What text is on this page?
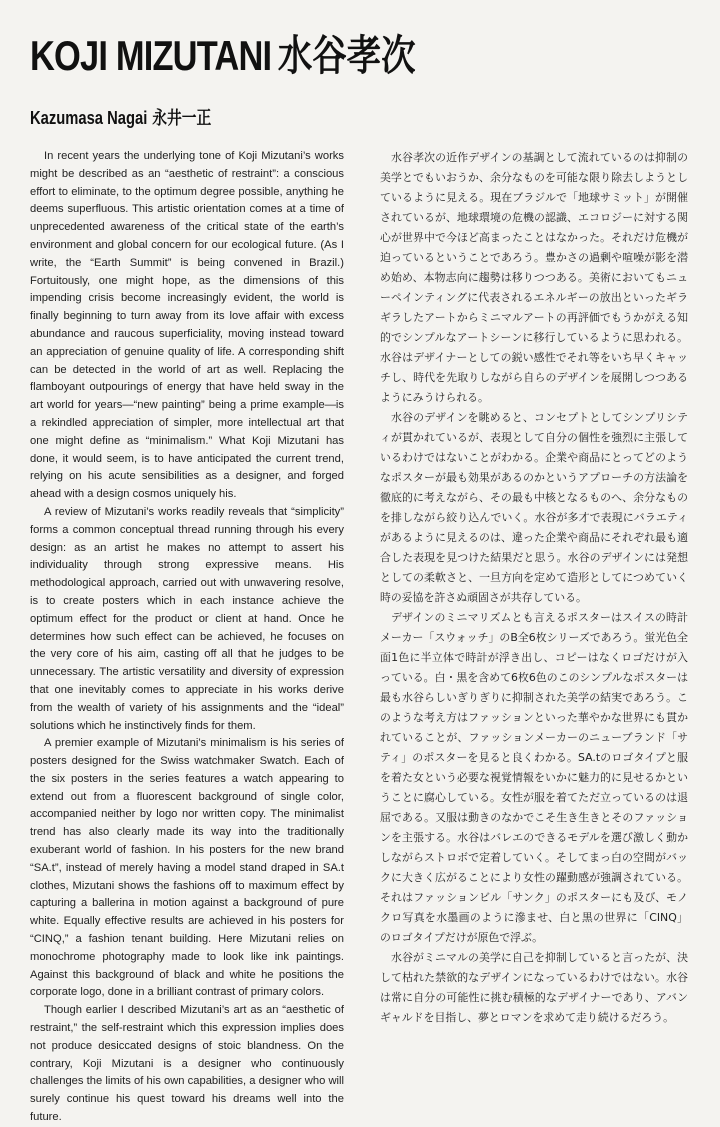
KOJI MIZUTANI 水谷孝次
Kazumasa Nagai 永井一正

In recent years the underlying tone of Koji Mizutani’s works might be described as an “aesthetic of restraint”: a conscious effort to eliminate, to the optimum degree possible, anything he deems superfluous. This artistic orientation comes at a time of unprecedented awareness of the critical state of the earth’s environment and global concern for our ecological future. (As I write, the “Earth Summit” is being convened in Brazil.) Fortuitously, one might hope, as the dimensions of this impending crisis become increasingly evident, the world is finally beginning to turn away from its love affair with excess abundance and raucous superficiality, moving instead toward an appreciation of genuine quality of life. A corresponding shift can be detected in the world of art as well. Replacing the flamboyant outpourings of energy that have held sway in the art world for years—“new painting” being a prime example—is a rekindled appreciation of simpler, more intellectual art that one might define as “minimalism.” What Koji Mizutani has done, it would seem, is to have anticipated the current trend, relying on his acute sensibilities as a designer, and forged ahead with a design cosmos uniquely his.

A review of Mizutani’s works readily reveals that “simplicity” forms a common conceptual thread running through his every design: as an artist he makes no attempt to assert his individuality through strong expressive means. His methodological approach, carried out with unwavering resolve, is to create posters which in each instance achieve the optimum effect for the product or client at hand. Once he determines how such effect can be achieved, he focuses on the very core of his aim, casting off all that he judges to be unnecessary. The artistic versatility and diversity of expression that one inevitably comes to appreciate in his works derive from the wealth of variety of his assignments and the “ideal” solutions which he instinctively finds for them.

A premier example of Mizutani’s minimalism is his series of posters designed for the Swiss watchmaker Swatch. Each of the six posters in the series features a watch appearing to extend out from a fluorescent background of single color, accompanied neither by logo nor written copy. The minimalist trend has also clearly made its way into the traditionally exuberant world of fashion. In his posters for the new brand “SA.t”, instead of merely having a model stand draped in SA.t clothes, Mizutani shows the fashions off to maximum effect by capturing a ballerina in motion against a background of pure white. Equally effective results are achieved in his posters for “CINQ,” a fashion tenant building. Here Mizutani relies on monochrome photography made to look like ink paintings. Against this background of black and white he positions the corporate logo, done in a brilliant contrast of primary colors.

Though earlier I described Mizutani’s art as an “aesthetic of restraint,” the self-restraint which this expression implies does not produce desiccated designs of stoic blandness. On the contrary, Koji Mizutani is a designer who continuously challenges the limits of his own capabilities, a designer who will surely continue his quest toward his dreams well into the future.

水谷孝次の近作デザインの基調として流れているのは抑制の美学とでもいおうか、余分なものを可能な限り除去しようとしているように見える。現在ブラジルで「地球サミット」が開催されているが、地球環境の危機の認識、エコロジーに対する関心が世界中で今ほど高まったことはなかった。それだけ危機が迫っているということであろう。豊かさの過剰や喧噪が影を潜め始め、本物志向に趨勢は移りつつある。美術においてもニューペインティングに代表されるエネルギーの放出といったギラギラしたアートからミニマルアートの再評価でもうかがえる知的でシンプルなアートシーンに移行しているように思われる。水谷はデザイナーとしての鋭い感性でそれ等をいち早くキャッチし、時代を先取りしながら自らのデザインを展開しつつあるようにみうけられる。

水谷のデザインを眺めると、コンセプトとしてシンプリシティが貫かれているが、表現として自分の個性を強烈に主張しているわけではないことがわかる。企業や商品にとってどのようなポスターが最も効果があるのかというアプローチの方法論を徹底的に考えながら、その最も中核となるものへ、余分なものを排しながら絞り込んでいく。水谷が多才で表現にバラエティがあるように見えるのは、違った企業や商品にそれぞれ最も適合した表現を見つけた結果だと思う。水谷のデザインには発想としての柔軟さと、一旦方向を定めて造形としてにつめていく時の妥協を許さぬ頑固さが共存している。

デザインのミニマリズムとも言えるポスターはスイスの時計メーカー「スウォッチ」のB全6枚シリーズであろう。蛍光色全面1色に半立体で時計が浮き出し、コピーはなくロゴだけが入っている。白・黒を含めて6枚6色のこのシンプルなポスターは最も水谷らしいぎりぎりに抑制された美学の結実であろう。このような考え方はファッションといった華やかな世界にも貫かれていることが、ファッションメーカーのニューブランド「サティ」のポスターを見ると良くわかる。SA.tのロゴタイプと服を着た女という必要な視覚情報をいかに魅力的に見せるかということに腐心している。女性が服を着てただ立っているのは退屈である。又服は動きのなかでこそ生き生きとそのファッションを主張する。水谷はバレエのできるモデルを選び激しく動かしながらストロボで定着していく。そしてまっ白の空間がバックに大きく広がることにより女性の躍動感が強調されている。それはファッションビル「サンク」のポスターにも及び、モノクロ写真を水墨画のように滲ませ、白と黒の世界に「CINQ」のロゴタイプだけが原色で浮ぶ。

水谷がミニマルの美学に自己を抑制していると言ったが、決して枯れた禁欲的なデザインになっているわけではない。水谷は常に自分の可能性に挑む積極的なデザイナーであり、アバンギャルドを目指し、夢とロマンを求めて走り続けるだろう。
